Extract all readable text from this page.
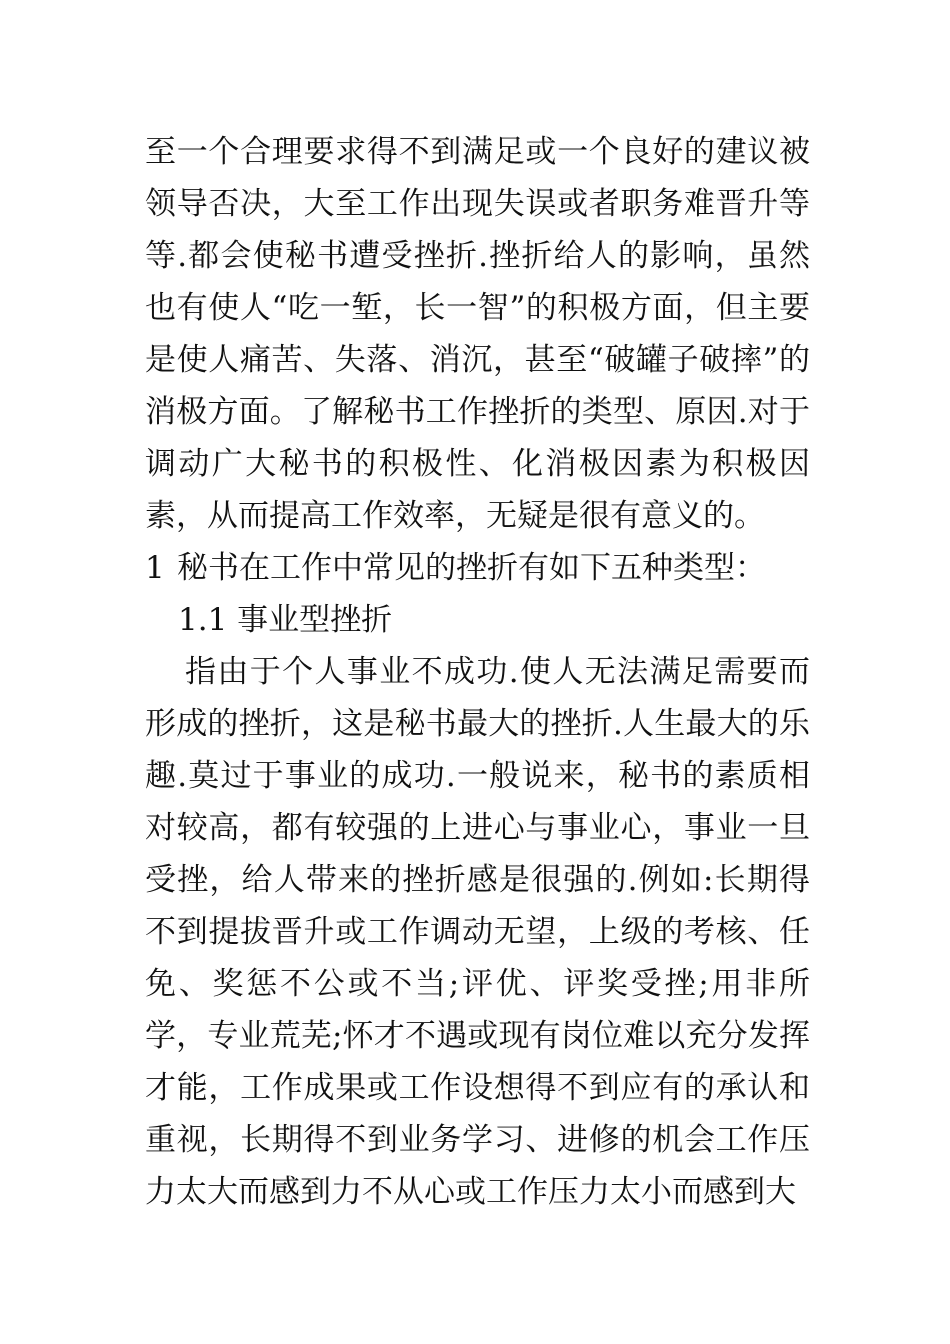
至一个合理要求得不到满足或一个良好的建议被领导否决，大至工作出现失误或者职务难晋升等等.都会使秘书遭受挫折.挫折给人的影响，虽然也有使人“吃一堑，长一智”的积极方面，但主要是使人痛苦、失落、消沉，甚至“破罐子破摔”的消极方面。了解秘书工作挫折的类型、原因.对于调动广大秘书的积极性、化消极因素为积极因素，从而提高工作效率，无疑是很有意义的。

1 秘书在工作中常见的挫折有如下五种类型：

1.1 事业型挫折

指由于个人事业不成功.使人无法满足需要而形成的挫折，这是秘书最大的挫折.人生最大的乐趣.莫过于事业的成功.一般说来，秘书的素质相对较高，都有较强的上进心与事业心，事业一旦受挫，给人带来的挫折感是很强的.例如:长期得不到提拔晋升或工作调动无望，上级的考核、任免、奖惩不公或不当;评优、评奖受挫;用非所学，专业荒芜;怀才不遇或现有岗位难以充分发挥才能，工作成果或工作设想得不到应有的承认和重视，长期得不到业务学习、进修的机会工作压力太大而感到力不从心或工作压力太小而感到大
